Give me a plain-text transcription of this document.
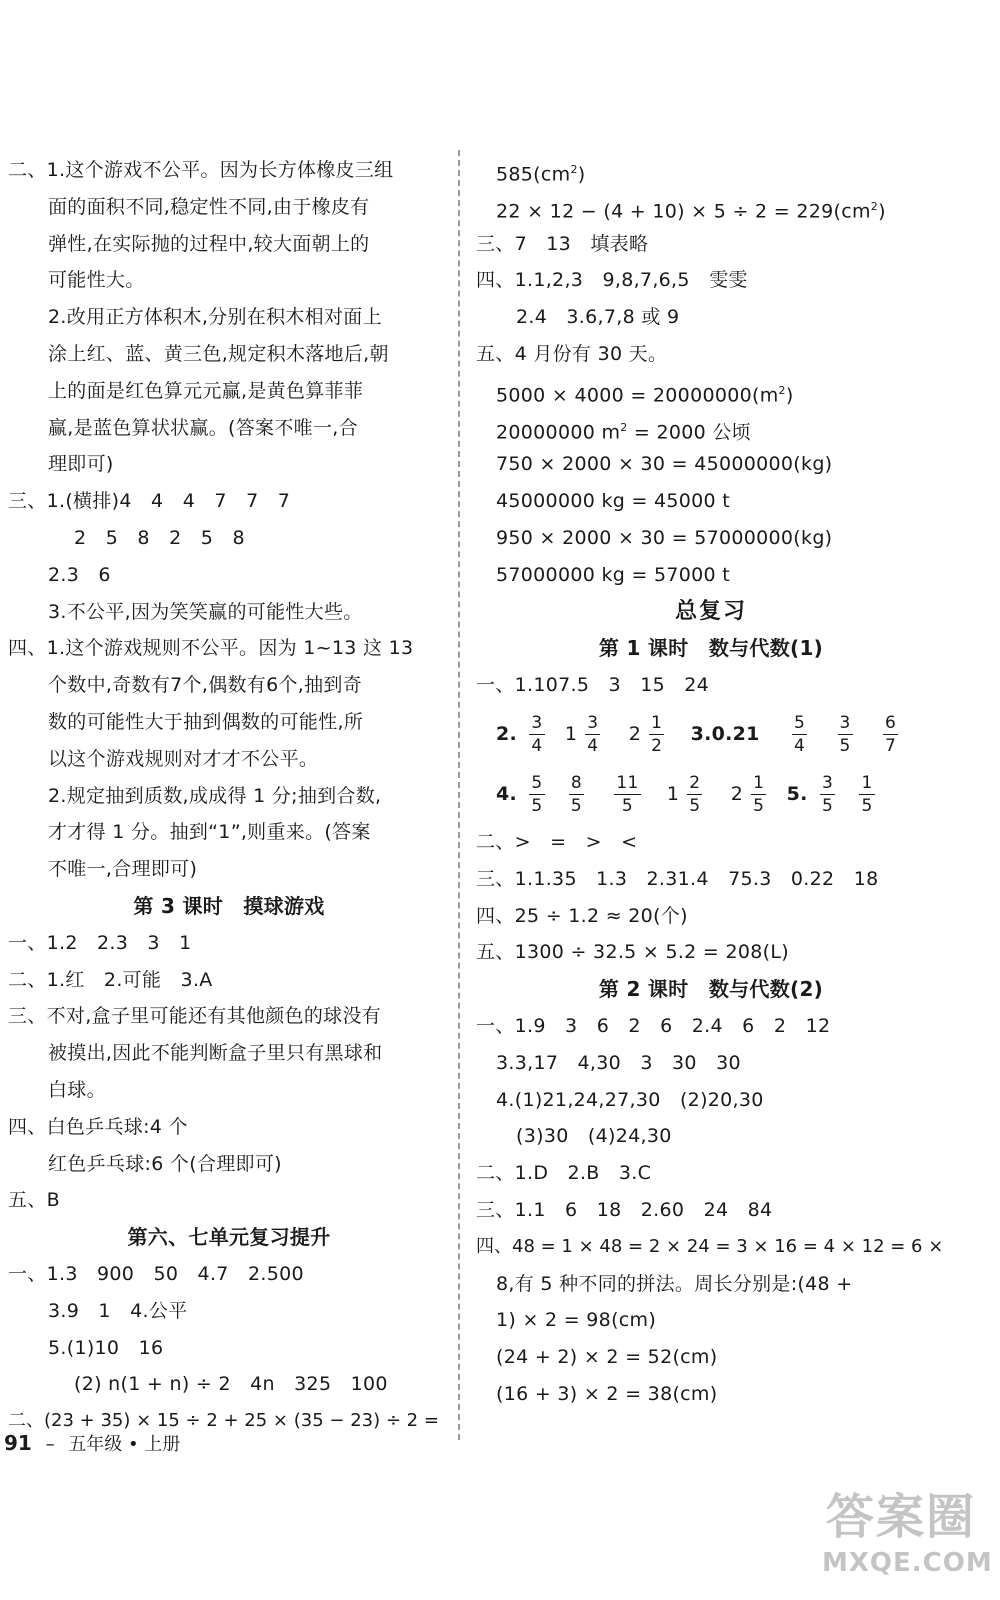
二、1.这个游戏不公平。因为长方体橡皮三组
面的面积不同,稳定性不同,由于橡皮有
弹性,在实际抛的过程中,较大面朝上的
可能性大。
2.改用正方体积木,分别在积木相对面上
涂上红、蓝、黄三色,规定积木落地后,朝
上的面是红色算元元赢,是黄色算菲菲
赢,是蓝色算状状赢。(答案不唯一,合
理即可)
三、1.(横排)4　4　4　7　7　7
2　5　8　2　5　8
2.3　6
3.不公平,因为笑笑赢的可能性大些。
四、1.这个游戏规则不公平。因为 1~13 这 13
个数中,奇数有7个,偶数有6个,抽到奇
数的可能性大于抽到偶数的可能性,所
以这个游戏规则对才才不公平。
2.规定抽到质数,成成得 1 分;抽到合数,
才才得 1 分。抽到“1”,则重来。(答案
不唯一,合理即可)
第 3 课时　摸球游戏
一、1.2　2.3　3　1
二、1.红　2.可能　3.A
三、不对,盒子里可能还有其他颜色的球没有
被摸出,因此不能判断盒子里只有黑球和
白球。
四、白色乒乓球:4 个
红色乒乓球:6 个(合理即可)
五、B
第六、七单元复习提升
一、1.3　900　50　4.7　2.500
3.9　1　4.公平
5.(1)10　16
(2) n(1 + n) ÷ 2　4n　325　100
二、(23 + 35) × 15 ÷ 2 + 25 × (35 − 23) ÷ 2 =
$585(cm^2)$
$22 \times 12 - (4 + 10) \times 5 \div 2 = 229(cm^2)$
三、7　13　填表略
四、1.1,2,3　9,8,7,6,5　雯雯
2.4　3.6,7,8 或 9
五、4 月份有 30 天。
$5000 \times 4000 = 20000000(m^2)$
20000000 $m^2 = 2000$ 公顷
750 × 2000 × 30 = 45000000(kg)
45000000 kg = 45000 t
950 × 2000 × 30 = 57000000(kg)
57000000 kg = 57000 t
总复习
第 1 课时　数与代数(1)
一、1.107.5　3　15　24
2. $\frac{3}{4}$
1
3
4

2
1
2
$3.0.21 \frac{5}{4}$
$\frac{3}{5}$
$\frac{6}{7}$
4. $\frac{5}{5}$
$\frac{8}{5}$
$\frac{11}{5}$
1
2
5

2
1
5
5. $\frac{3}{5}$
$\frac{1}{5}$
二、>　=　>　<
三、1.1.35　1.3　2.31.4　75.3　0.22　18
四、25 ÷ 1.2 ≈ 20(个)
五、1300 ÷ 32.5 × 5.2 = 208(L)
第 2 课时　数与代数(2)
一、1.9　3　6　2　6　2.4　6　2　12
3.3,17　4,30　3　30　30
4.(1)21,24,27,30　(2)20,30
(3)30　(4)24,30
二、1.D　2.B　3.C
三、1.1　6　18　2.60　24　84
四、48 = 1 × 48 = 2 × 24 = 3 × 16 = 4 × 12 = 6 ×
8,有 5 种不同的拼法。周长分别是:(48 +
1) × 2 = 98(cm)
(24 + 2) × 2 = 52(cm)
(16 + 3) × 2 = 38(cm)
91 – 五年级 • 上册
答案圈
MXQE.COM
